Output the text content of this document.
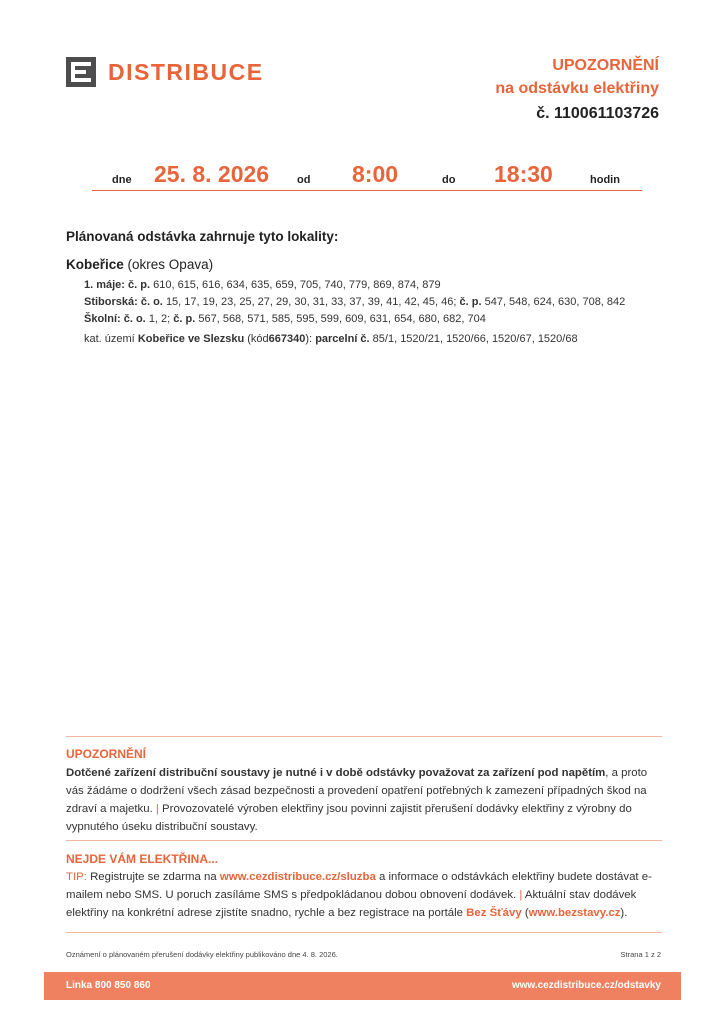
DISTRIBUCE	UPOZORNĚNÍ
na odstávku elektřiny
č. 110061103726
dne 25. 8. 2026	od 8:00	do 18:30	hodin
Plánovaná odstávka zahrnuje tyto lokality:
Kobeřice (okres Opava)
1. máje: č. p. 610, 615, 616, 634, 635, 659, 705, 740, 779, 869, 874, 879
Stiborská: č. o. 15, 17, 19, 23, 25, 27, 29, 30, 31, 33, 37, 39, 41, 42, 45, 46; č. p. 547, 548, 624, 630, 708, 842
Školní: č. o. 1, 2; č. p. 567, 568, 571, 585, 595, 599, 609, 631, 654, 680, 682, 704
kat. území Kobeřice ve Slezsku (kód667340): parcelní č. 85/1, 1520/21, 1520/66, 1520/67, 1520/68
UPOZORNĚNÍ
Dotčené zařízení distribuční soustavy je nutné i v době odstávky považovat za zařízení pod napětím, a proto vás žádáme o dodržení všech zásad bezpečnosti a provedení opatření potřebných k zamezení případných škod na zdraví a majetku. | Provozovatelé výroben elektřiny jsou povinni zajistit přerušení dodávky elektřiny z výrobny do vypnutého úseku distribuční soustavy.
NEJDE VÁM ELEKTŘINA...
TIP: Registrujte se zdarma na www.cezdistribuce.cz/sluzba a informace o odstávkách elektřiny budete dostávat e-mailem nebo SMS. U poruch zasíláme SMS s předpokládanou dobou obnovení dodávek. | Aktuální stav dodávek elektřiny na konkrétní adrese zjistíte snadno, rychle a bez registrace na portále Bez Šťávy (www.bezstavy.cz).
Oznámení o plánovaném přerušení dodávky elektřiny publikováno dne 4. 8. 2026.	Strana 1 z 2
Linka 800 850 860	www.cezdistribuce.cz/odstavky
